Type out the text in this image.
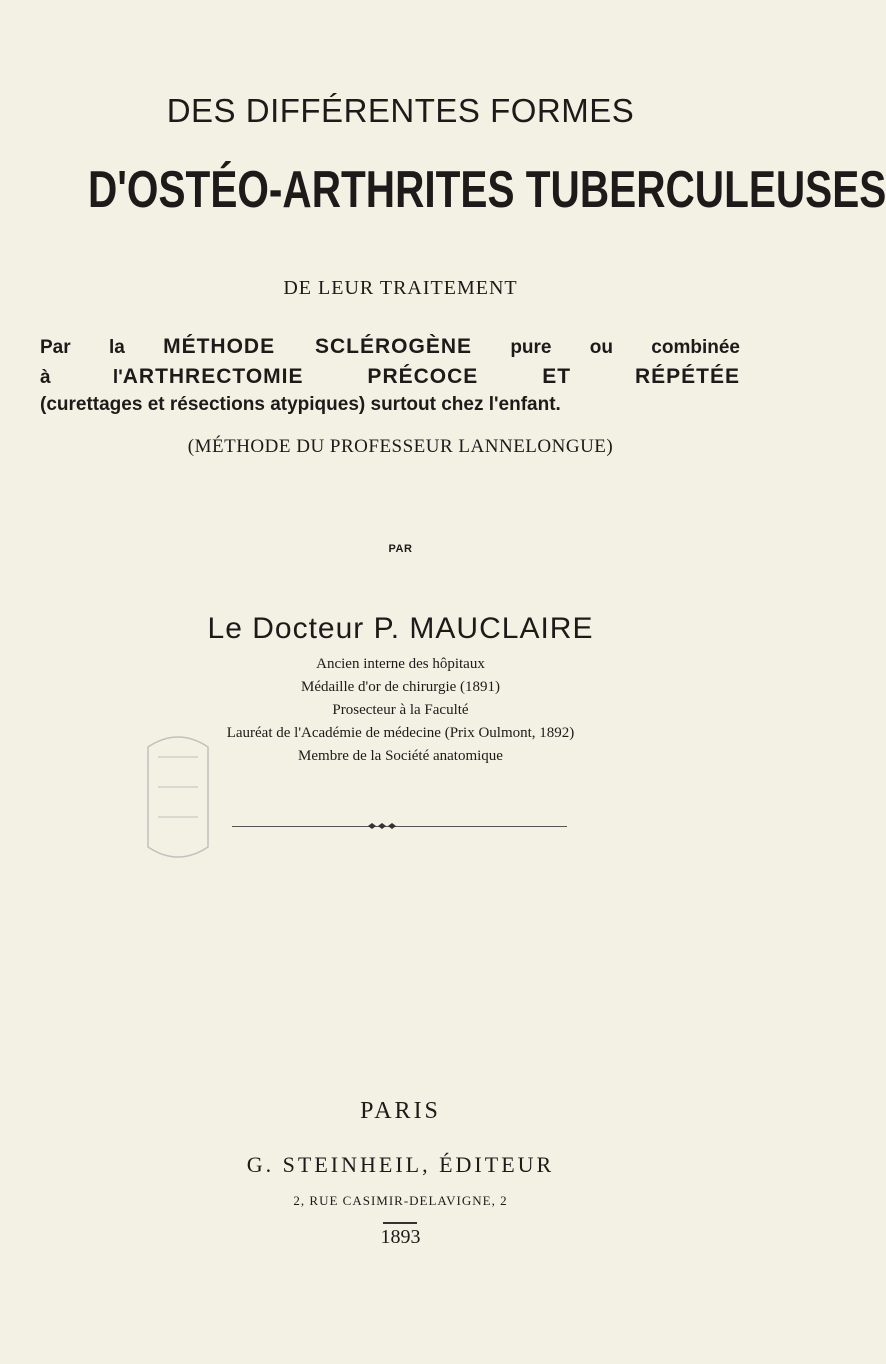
DES DIFFÉRENTES FORMES
D'OSTÉO-ARTHRITES TUBERCULEUSES
DE LEUR TRAITEMENT
Par la MÉTHODE SCLÉROGÈNE pure ou combinée
à l'ARTHRECTOMIE PRÉCOCE ET RÉPÉTÉE
(curettages et résections atypiques) surtout chez l'enfant.
(MÉTHODE DU PROFESSEUR LANNELONGUE)
PAR
Le Docteur P. MAUCLAIRE
Ancien interne des hôpitaux
Médaille d'or de chirurgie (1891)
Prosecteur à la Faculté
Lauréat de l'Académie de médecine (Prix Oulmont, 1892)
Membre de la Société anatomique
PARIS
G. STEINHEIL, ÉDITEUR
2, RUE CASIMIR-DELAVIGNE, 2
1893
